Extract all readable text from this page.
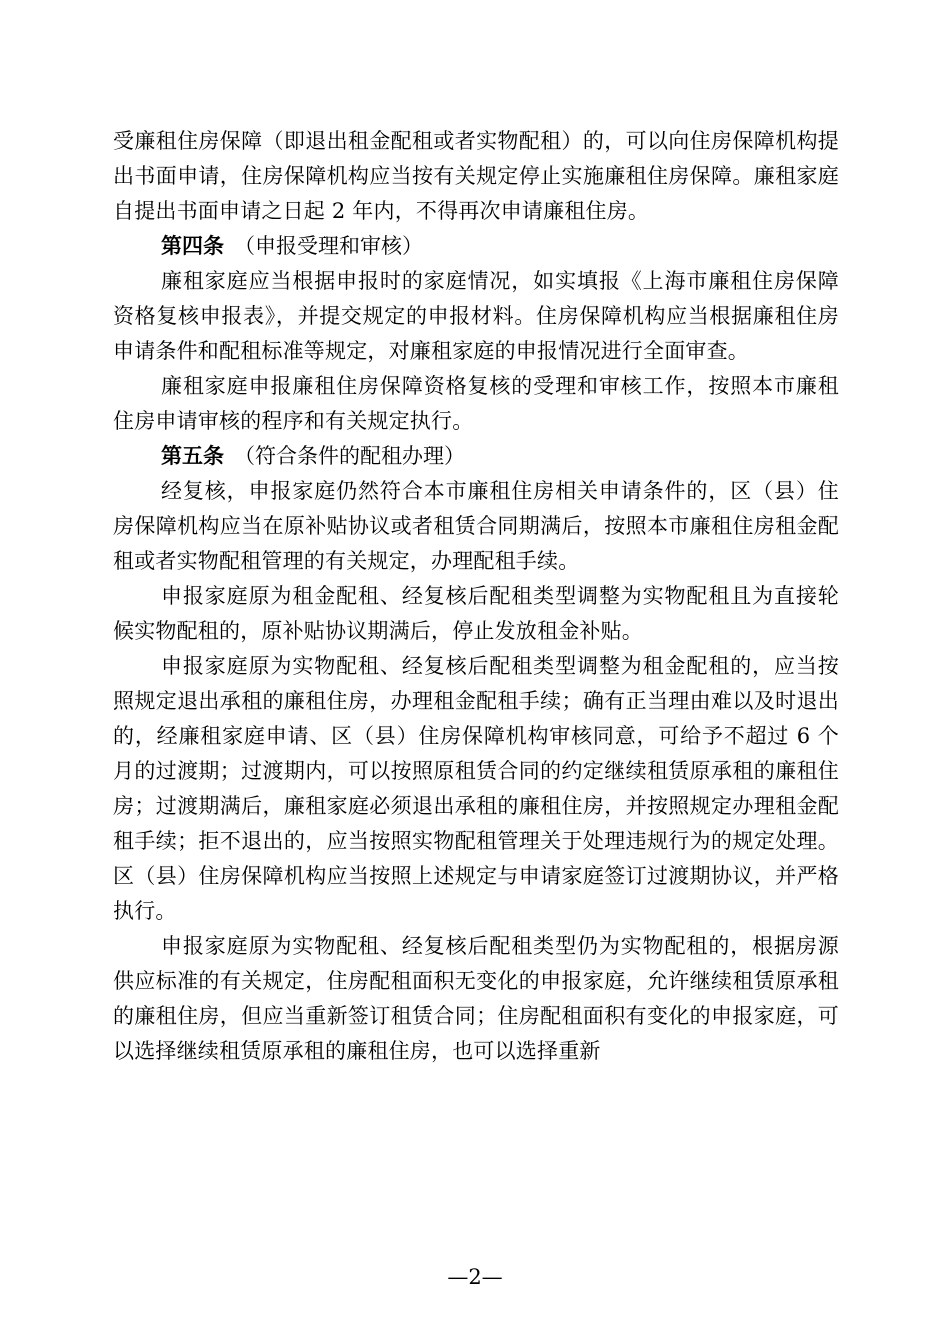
受廉租住房保障（即退出租金配租或者实物配租）的，可以向住房保障机构提出书面申请，住房保障机构应当按有关规定停止实施廉租住房保障。廉租家庭自提出书面申请之日起 2 年内，不得再次申请廉租住房。

第四条 （申报受理和审核）

廉租家庭应当根据申报时的家庭情况，如实填报《上海市廉租住房保障资格复核申报表》，并提交规定的申报材料。住房保障机构应当根据廉租住房申请条件和配租标准等规定，对廉租家庭的申报情况进行全面审查。

廉租家庭申报廉租住房保障资格复核的受理和审核工作，按照本市廉租住房申请审核的程序和有关规定执行。

第五条 （符合条件的配租办理）

经复核，申报家庭仍然符合本市廉租住房相关申请条件的，区（县）住房保障机构应当在原补贴协议或者租赁合同期满后，按照本市廉租住房租金配租或者实物配租管理的有关规定，办理配租手续。

申报家庭原为租金配租、经复核后配租类型调整为实物配租且为直接轮候实物配租的，原补贴协议期满后，停止发放租金补贴。

申报家庭原为实物配租、经复核后配租类型调整为租金配租的，应当按照规定退出承租的廉租住房，办理租金配租手续；确有正当理由难以及时退出的，经廉租家庭申请、区（县）住房保障机构审核同意，可给予不超过 6 个月的过渡期；过渡期内，可以按照原租赁合同的约定继续租赁原承租的廉租住房；过渡期满后，廉租家庭必须退出承租的廉租住房，并按照规定办理租金配租手续；拒不退出的，应当按照实物配租管理关于处理违规行为的规定处理。区（县）住房保障机构应当按照上述规定与申请家庭签订过渡期协议，并严格执行。

申报家庭原为实物配租、经复核后配租类型仍为实物配租的，根据房源供应标准的有关规定，住房配租面积无变化的申报家庭，允许继续租赁原承租的廉租住房，但应当重新签订租赁合同；住房配租面积有变化的申报家庭，可以选择继续租赁原承租的廉租住房，也可以选择重新

—2—
